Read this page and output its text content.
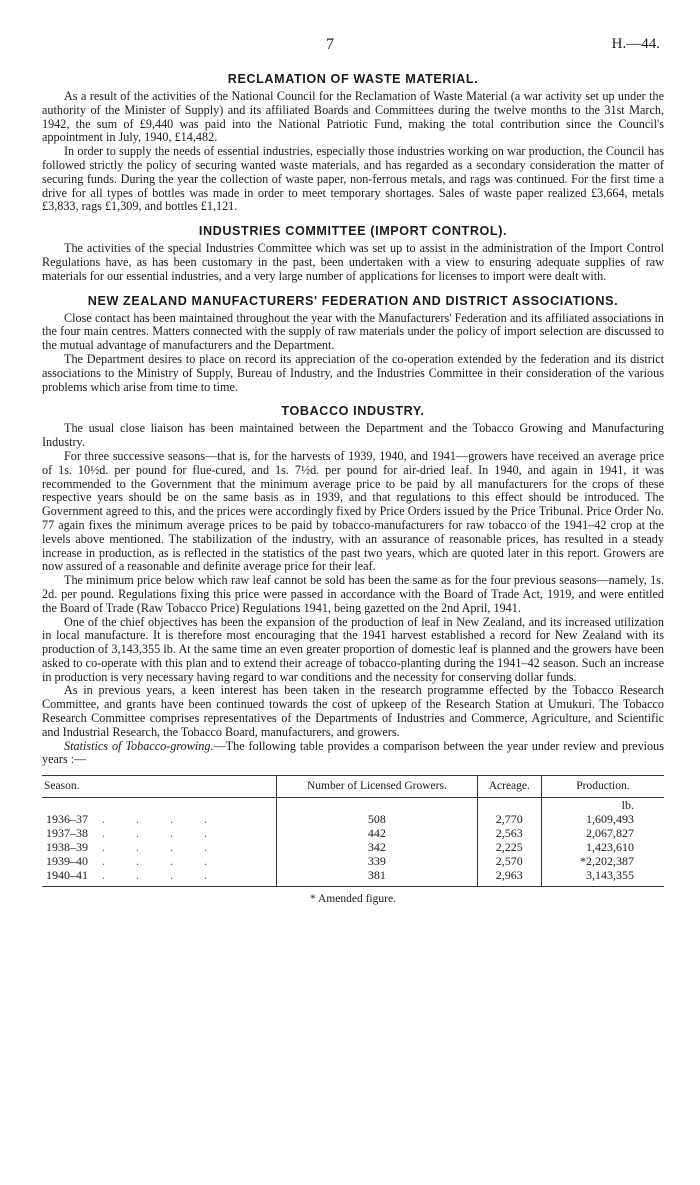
7	H.—44.
RECLAMATION OF WASTE MATERIAL.

As a result of the activities of the National Council for the Reclamation of Waste Material (a war activity set up under the authority of the Minister of Supply) and its affiliated Boards and Committees during the twelve months to the 31st March, 1942, the sum of £9,440 was paid into the National Patriotic Fund, making the total contribution since the Council's appointment in July, 1940, £14,482.

In order to supply the needs of essential industries, especially those industries working on war production, the Council has followed strictly the policy of securing wanted waste materials, and has regarded as a secondary consideration the matter of securing funds. During the year the collection of waste paper, non-ferrous metals, and rags was continued. For the first time a drive for all types of bottles was made in order to meet temporary shortages. Sales of waste paper realized £3,664, metals £3,833, rags £1,309, and bottles £1,121.

INDUSTRIES COMMITTEE (IMPORT CONTROL).

The activities of the special Industries Committee which was set up to assist in the administration of the Import Control Regulations have, as has been customary in the past, been undertaken with a view to ensuring adequate supplies of raw materials for our essential industries, and a very large number of applications for licenses to import were dealt with.

NEW ZEALAND MANUFACTURERS' FEDERATION AND DISTRICT ASSOCIATIONS.

Close contact has been maintained throughout the year with the Manufacturers' Federation and its affiliated associations in the four main centres. Matters connected with the supply of raw materials under the policy of import selection are discussed to the mutual advantage of manufacturers and the Department.

The Department desires to place on record its appreciation of the co-operation extended by the federation and its district associations to the Ministry of Supply, Bureau of Industry, and the Industries Committee in their consideration of the various problems which arise from time to time.

TOBACCO INDUSTRY.

The usual close liaison has been maintained between the Department and the Tobacco Growing and Manufacturing Industry.

For three successive seasons—that is, for the harvests of 1939, 1940, and 1941—growers have received an average price of 1s. 10½d. per pound for flue-cured, and 1s. 7½d. per pound for air-dried leaf. In 1940, and again in 1941, it was recommended to the Government that the minimum average price to be paid by all manufacturers for the crops of these respective years should be on the same basis as in 1939, and that regulations to this effect should be introduced. The Government agreed to this, and the prices were accordingly fixed by Price Orders issued by the Price Tribunal. Price Order No. 77 again fixes the minimum average prices to be paid by tobacco-manufacturers for raw tobacco of the 1941–42 crop at the levels above mentioned. The stabilization of the industry, with an assurance of reasonable prices, has resulted in a steady increase in production, as is reflected in the statistics of the past two years, which are quoted later in this report. Growers are now assured of a reasonable and definite average price for their leaf.

The minimum price below which raw leaf cannot be sold has been the same as for the four previous seasons—namely, 1s. 2d. per pound. Regulations fixing this price were passed in accordance with the Board of Trade Act, 1919, and were entitled the Board of Trade (Raw Tobacco Price) Regulations 1941, being gazetted on the 2nd April, 1941.

One of the chief objectives has been the expansion of the production of leaf in New Zealand, and its increased utilization in local manufacture. It is therefore most encouraging that the 1941 harvest established a record for New Zealand with its production of 3,143,355 lb. At the same time an even greater proportion of domestic leaf is planned and the growers have been asked to co-operate with this plan and to extend their acreage of tobacco-planting during the 1941–42 season. Such an increase in production is very necessary having regard to war conditions and the necessity for conserving dollar funds.

As in previous years, a keen interest has been taken in the research programme effected by the Tobacco Research Committee, and grants have been continued towards the cost of upkeep of the Research Station at Umukuri. The Tobacco Research Committee comprises representatives of the Departments of Industries and Commerce, Agriculture, and Scientific and Industrial Research, the Tobacco Board, manufacturers, and growers.

Statistics of Tobacco-growing.—The following table provides a comparison between the year under review and previous years :—

Season.	Number of Licensed Growers.	Acreage.	Production.
			lb.
1936–37 . . . .	508	2,770	1,609,493
1937–38 . . . .	442	2,563	2,067,827
1938–39 . . . .	342	2,225	1,423,610
1939–40 . . . .	339	2,570	*2,202,387
1940–41 . . . .	381	2,963	3,143,355
* Amended figure.
